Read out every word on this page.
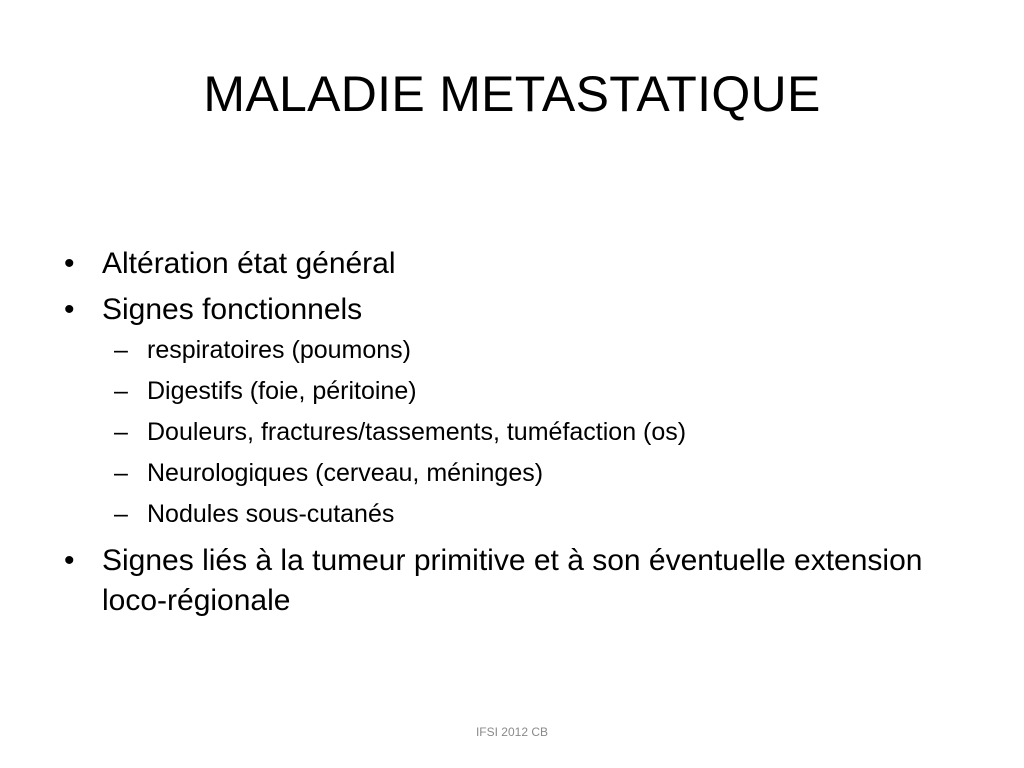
MALADIE METASTATIQUE
• Altération état général
• Signes fonctionnels
– respiratoires (poumons)
– Digestifs (foie, péritoine)
– Douleurs, fractures/tassements, tuméfaction (os)
– Neurologiques (cerveau, méninges)
– Nodules sous-cutanés
• Signes liés à la tumeur primitive et à son éventuelle extension loco-régionale
IFSI 2012 CB
